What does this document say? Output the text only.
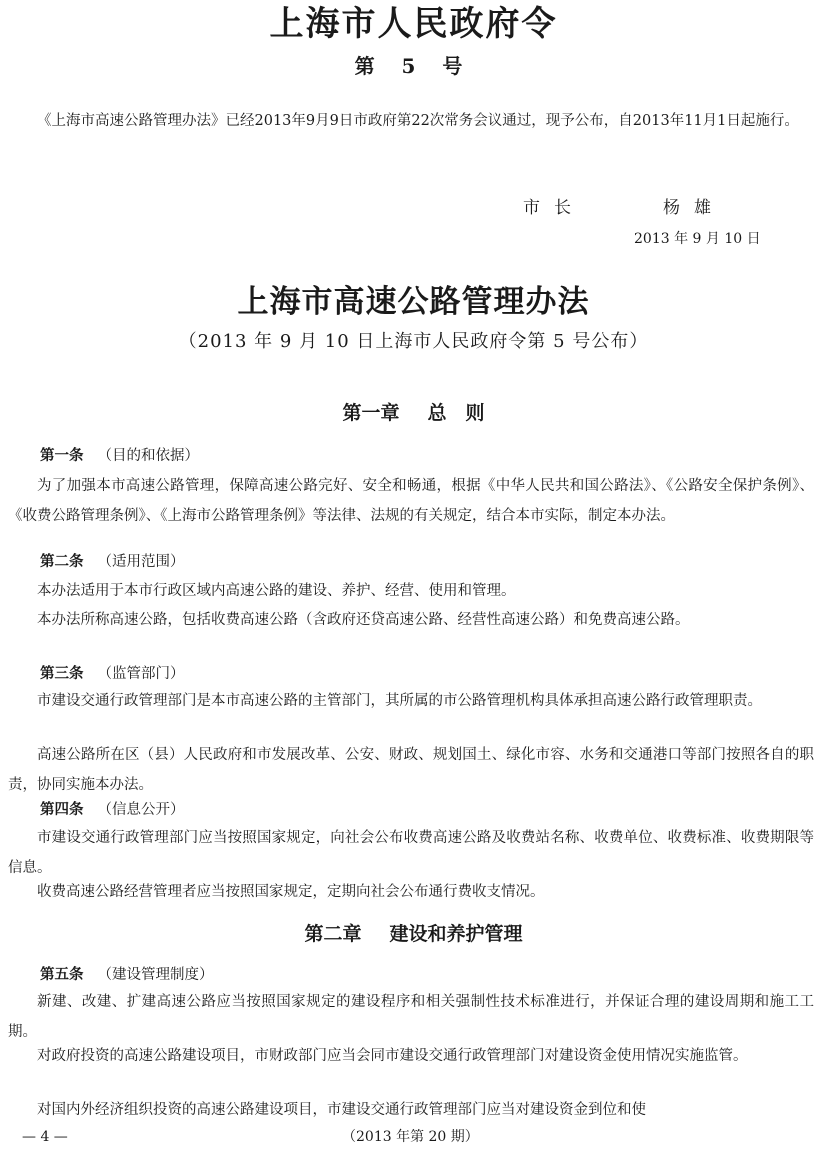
上海市人民政府令
第 5 号

《上海市高速公路管理办法》已经2013年9月9日市政府第22次常务会议通过，现予公布，自2013年11月1日起施行。

市长	杨雄
2013 年 9 月 10 日
上海市高速公路管理办法
（2013 年 9 月 10 日上海市人民政府令第 5 号公布）
第一章 总　则
第一条 （目的和依据）

为了加强本市高速公路管理，保障高速公路完好、安全和畅通，根据《中华人民共和国公路法》、《公路安全保护条例》、《收费公路管理条例》、《上海市公路管理条例》等法律、法规的有关规定，结合本市实际，制定本办法。

第二条 （适用范围）

本办法适用于本市行政区域内高速公路的建设、养护、经营、使用和管理。

本办法所称高速公路，包括收费高速公路（含政府还贷高速公路、经营性高速公路）和免费高速公路。

第三条 （监管部门）

市建设交通行政管理部门是本市高速公路的主管部门，其所属的市公路管理机构具体承担高速公路行政管理职责。

高速公路所在区（县）人民政府和市发展改革、公安、财政、规划国土、绿化市容、水务和交通港口等部门按照各自的职责，协同实施本办法。

第四条 （信息公开）

市建设交通行政管理部门应当按照国家规定，向社会公布收费高速公路及收费站名称、收费单位、收费标准、收费期限等信息。

收费高速公路经营管理者应当按照国家规定，定期向社会公布通行费收支情况。

第二章 建设和养护管理
第五条 （建设管理制度）

新建、改建、扩建高速公路应当按照国家规定的建设程序和相关强制性技术标准进行，并保证合理的建设周期和施工工期。

对政府投资的高速公路建设项目，市财政部门应当会同市建设交通行政管理部门对建设资金使用情况实施监管。

对国内外经济组织投资的高速公路建设项目，市建设交通行政管理部门应当对建设资金到位和使

— 4 —	（2013 年第 20 期）
